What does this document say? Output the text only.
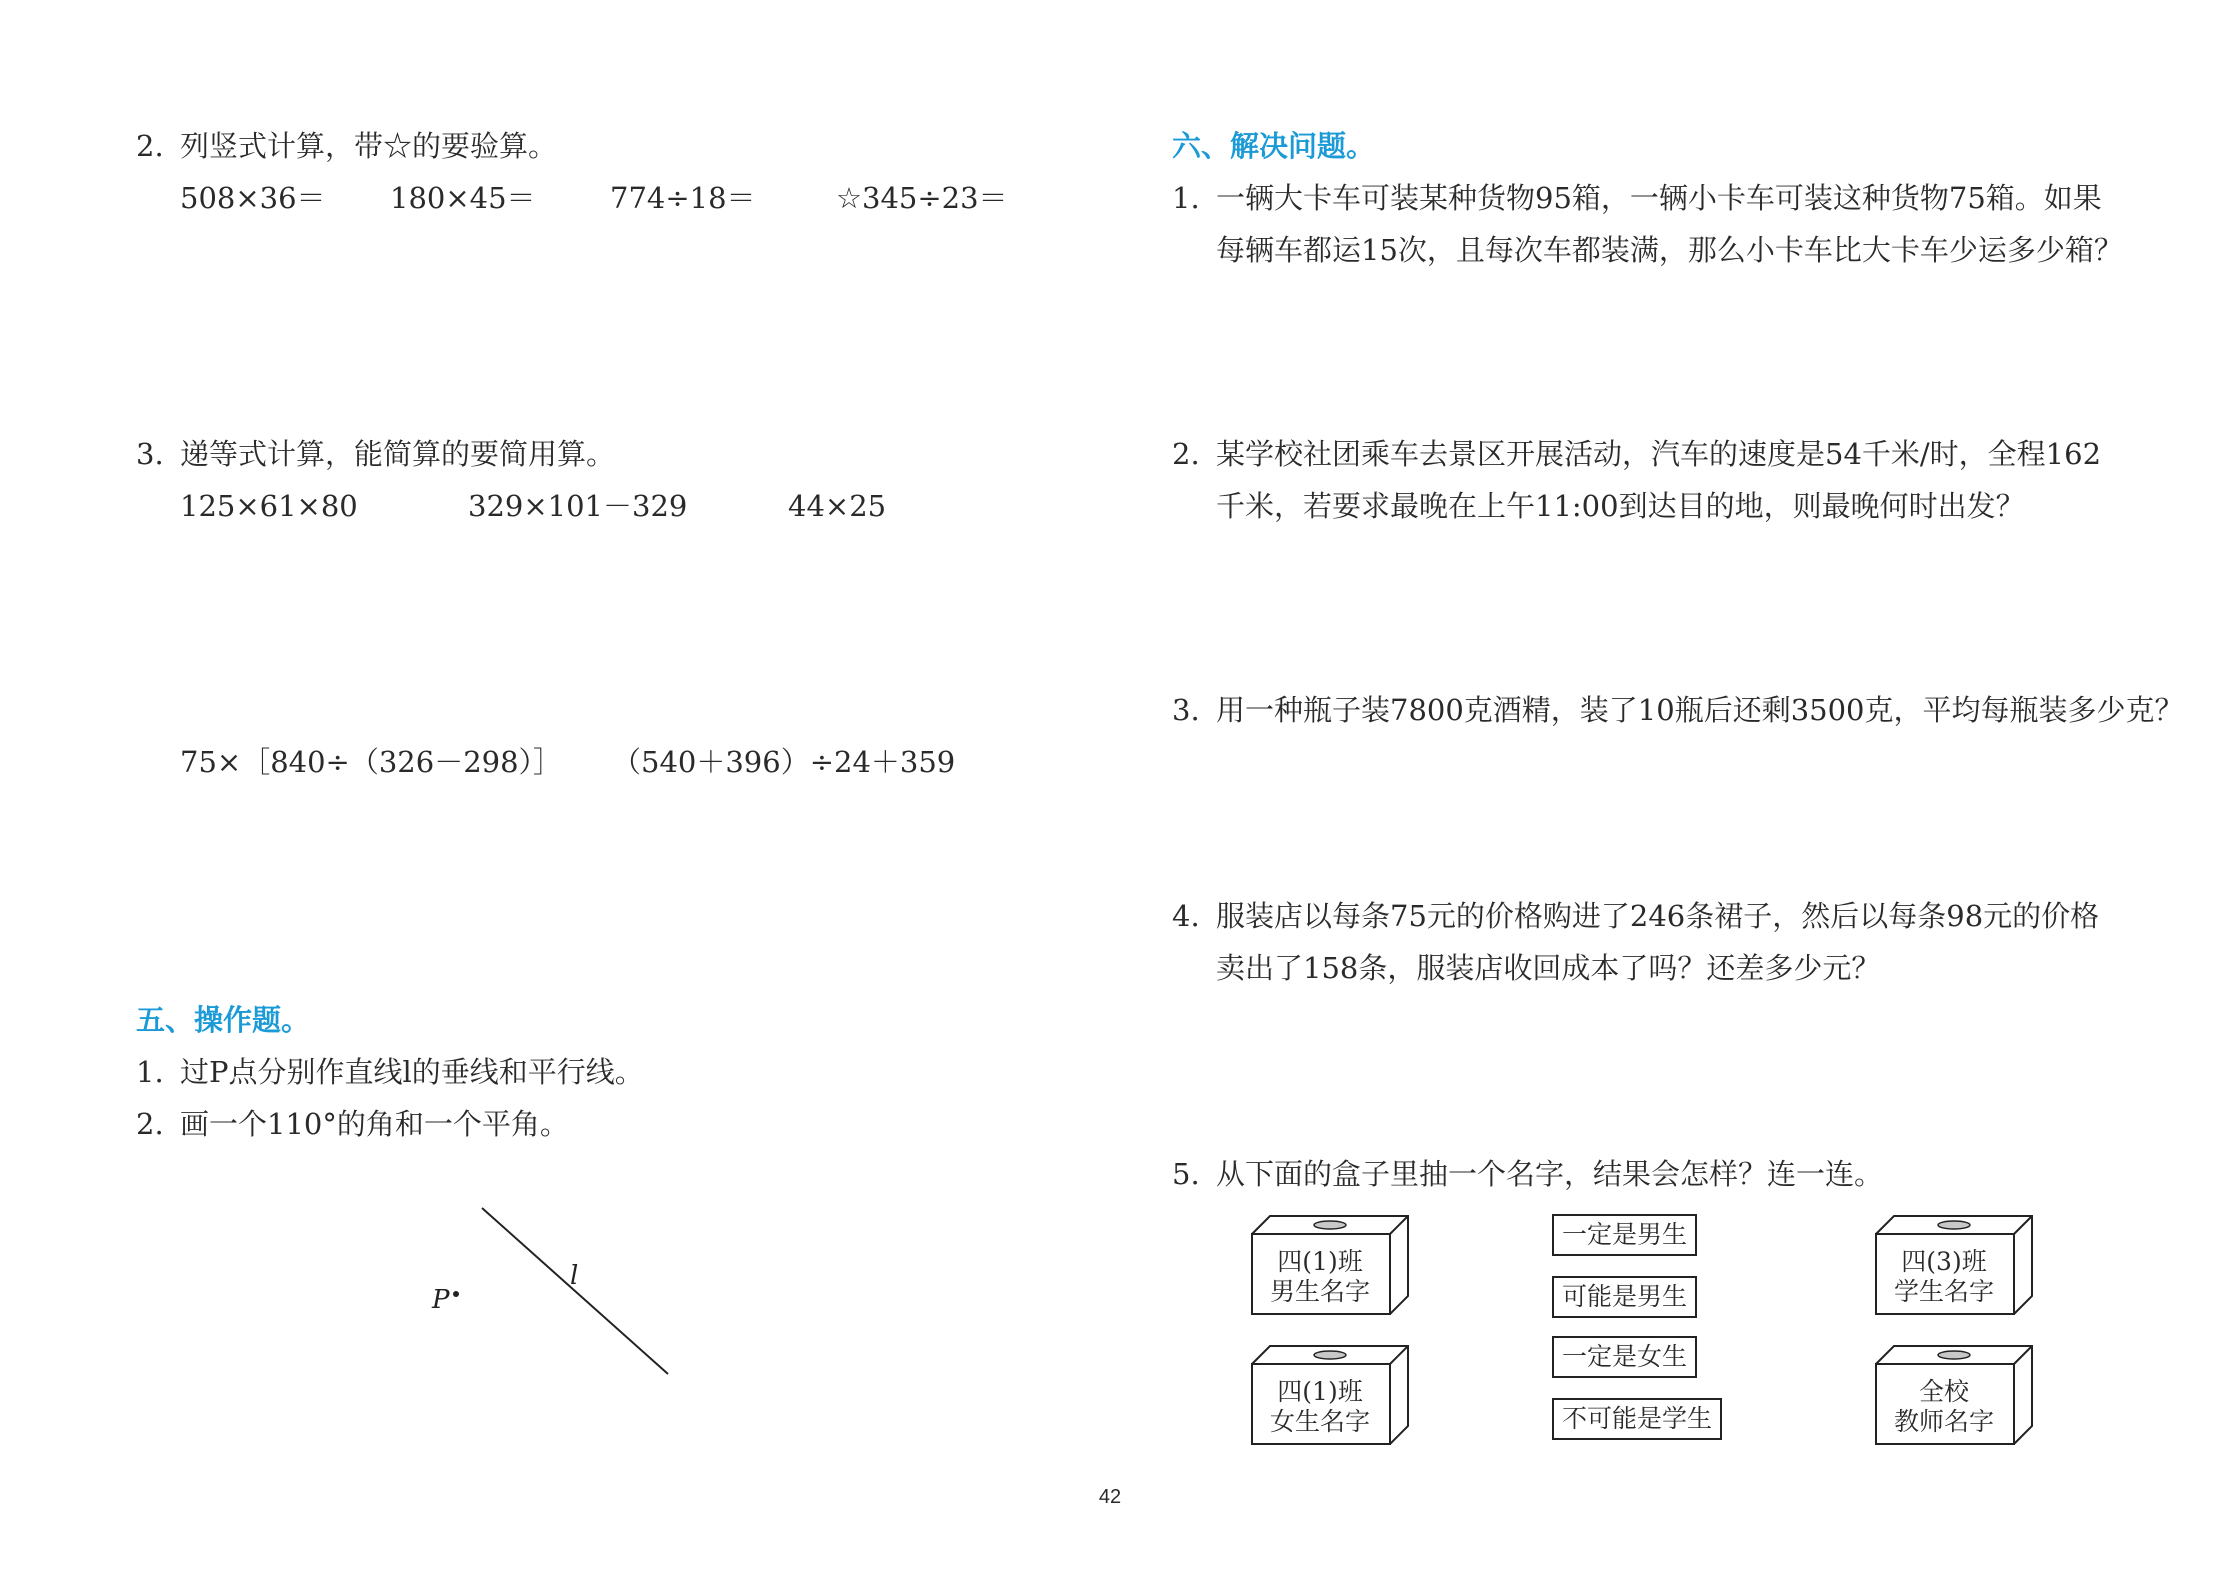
2. 列竖式计算，带☆的要验算。
508×36＝ 180×45＝	774÷18＝	☆345÷23＝
3. 递等式计算，能简算的要简用算。
125×61×80	329×101－329	44×25
75×［840÷（326－298）］ （540＋396）÷24＋359
五、操作题。
1. 过P点分别作直线l的垂线和平行线。
2. 画一个110°的角和一个平角。
P
l
六、解决问题。
1. 一辆大卡车可装某种货物95箱，一辆小卡车可装这种货物75箱。如果
每辆车都运15次，且每次车都装满，那么小卡车比大卡车少运多少箱？
2. 某学校社团乘车去景区开展活动，汽车的速度是54千米/时，全程162
千米，若要求最晚在上午11:00到达目的地，则最晚何时出发？
3. 用一种瓶子装7800克酒精，装了10瓶后还剩3500克，平均每瓶装多少克？
4. 服装店以每条75元的价格购进了246条裙子，然后以每条98元的价格
卖出了158条，服装店收回成本了吗？还差多少元？
5. 从下面的盒子里抽一个名字，结果会怎样？连一连。
四(1)班
男生名字
四(1)班
女生名字
四(3)班
学生名字
全校
教师名字
一定是男生
可能是男生
一定是女生
不可能是学生
42
